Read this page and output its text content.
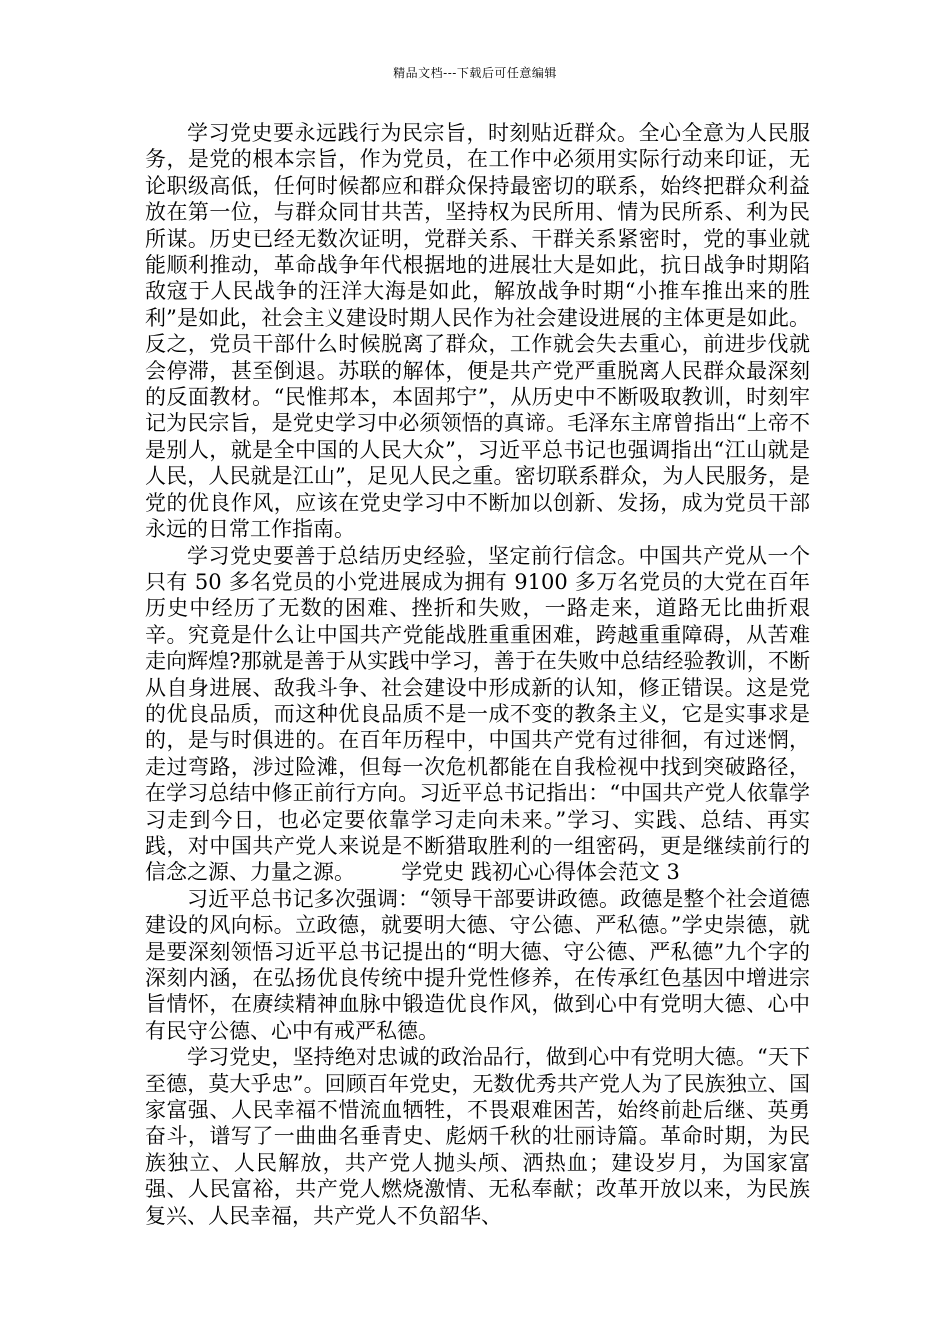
精品文档---下载后可任意编辑

学习党史要永远践行为民宗旨，时刻贴近群众。全心全意为人民服务，是党的根本宗旨，作为党员，在工作中必须用实际行动来印证，无论职级高低，任何时候都应和群众保持最密切的联系，始终把群众利益放在第一位，与群众同甘共苦，坚持权为民所用、情为民所系、利为民所谋。历史已经无数次证明，党群关系、干群关系紧密时，党的事业就能顺利推动，革命战争年代根据地的进展壮大是如此，抗日战争时期陷敌寇于人民战争的汪洋大海是如此，解放战争时期“小推车推出来的胜利”是如此，社会主义建设时期人民作为社会建设进展的主体更是如此。反之，党员干部什么时候脱离了群众，工作就会失去重心，前进步伐就会停滞，甚至倒退。苏联的解体，便是共产党严重脱离人民群众最深刻的反面教材。“民惟邦本，本固邦宁”，从历史中不断吸取教训，时刻牢记为民宗旨，是党史学习中必须领悟的真谛。毛泽东主席曾指出“上帝不是别人，就是全中国的人民大众”，习近平总书记也强调指出“江山就是人民，人民就是江山”，足见人民之重。密切联系群众，为人民服务，是党的优良作风，应该在党史学习中不断加以创新、发扬，成为党员干部永远的日常工作指南。

学习党史要善于总结历史经验，坚定前行信念。中国共产党从一个只有 50 多名党员的小党进展成为拥有 9100 多万名党员的大党在百年历史中经历了无数的困难、挫折和失败，一路走来，道路无比曲折艰辛。究竟是什么让中国共产党能战胜重重困难，跨越重重障碍，从苦难走向辉煌?那就是善于从实践中学习，善于在失败中总结经验教训，不断从自身进展、敌我斗争、社会建设中形成新的认知，修正错误。这是党的优良品质，而这种优良品质不是一成不变的教条主义，它是实事求是的，是与时俱进的。在百年历程中，中国共产党有过徘徊，有过迷惘，走过弯路，涉过险滩，但每一次危机都能在自我检视中找到突破路径，在学习总结中修正前行方向。习近平总书记指出：“中国共产党人依靠学习走到今日，也必定要依靠学习走向未来。”学习、实践、总结、再实践，对中国共产党人来说是不断猎取胜利的一组密码，更是继续前行的信念之源、力量之源。 学党史 践初心心得体会范文 3

习近平总书记多次强调：“领导干部要讲政德。政德是整个社会道德建设的风向标。立政德，就要明大德、守公德、严私德。”学史崇德，就是要深刻领悟习近平总书记提出的“明大德、守公德、严私德”九个字的深刻内涵，在弘扬优良传统中提升党性修养，在传承红色基因中增进宗旨情怀，在赓续精神血脉中锻造优良作风，做到心中有党明大德、心中有民守公德、心中有戒严私德。

学习党史，坚持绝对忠诚的政治品行，做到心中有党明大德。“天下至德，莫大乎忠”。回顾百年党史，无数优秀共产党人为了民族独立、国家富强、人民幸福不惜流血牺牲，不畏艰难困苦，始终前赴后继、英勇奋斗，谱写了一曲曲名垂青史、彪炳千秋的壮丽诗篇。革命时期，为民族独立、人民解放，共产党人抛头颅、洒热血；建设岁月，为国家富强、人民富裕，共产党人燃烧激情、无私奉献；改革开放以来，为民族复兴、人民幸福，共产党人不负韶华、
